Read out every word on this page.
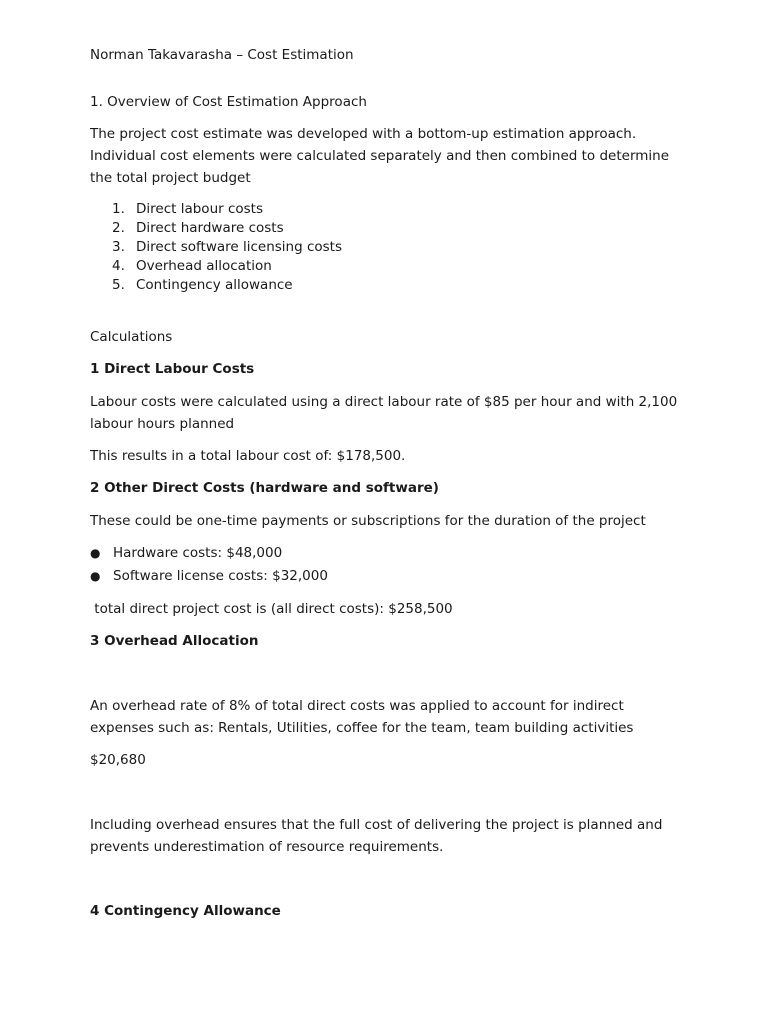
Norman Takavarasha – Cost Estimation

1. Overview of Cost Estimation Approach

The project cost estimate was developed with a bottom-up estimation approach. Individual cost elements were calculated separately and then combined to determine the total project budget

1. Direct labour costs
2. Direct hardware costs
3. Direct software licensing costs
4. Overhead allocation
5. Contingency allowance

Calculations

1 Direct Labour Costs

Labour costs were calculated using a direct labour rate of $85 per hour and with 2,100 labour hours planned

This results in a total labour cost of: $178,500.

2 Other Direct Costs (hardware and software)

These could be one-time payments or subscriptions for the duration of the project

● Hardware costs: $48,000
● Software license costs: $32,000

total direct project cost is (all direct costs): $258,500

3 Overhead Allocation

An overhead rate of 8% of total direct costs was applied to account for indirect expenses such as: Rentals, Utilities, coffee for the team, team building activities

$20,680

Including overhead ensures that the full cost of delivering the project is planned and prevents underestimation of resource requirements.

4 Contingency Allowance
